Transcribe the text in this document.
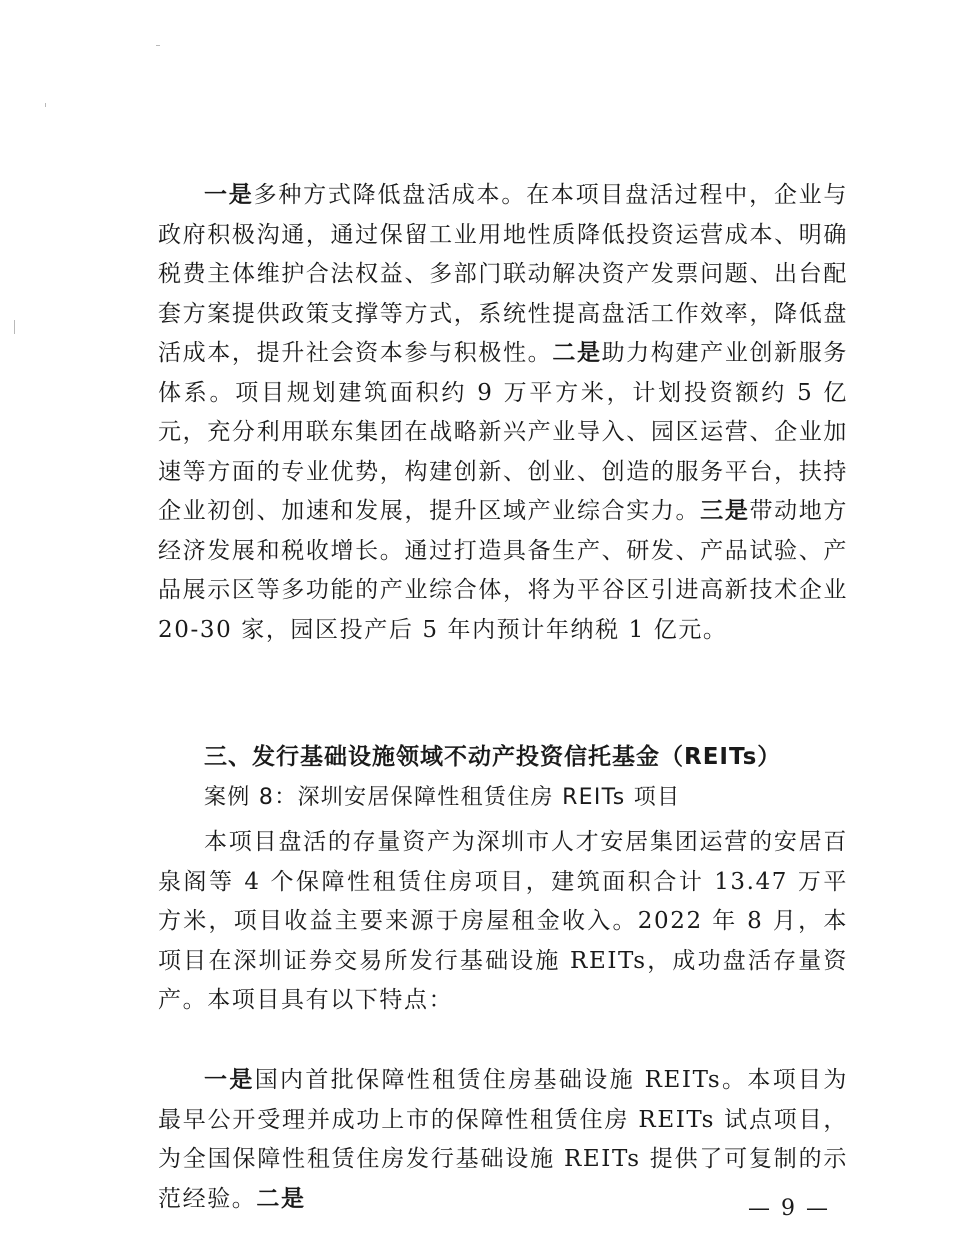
一是多种方式降低盘活成本。在本项目盘活过程中，企业与政府积极沟通，通过保留工业用地性质降低投资运营成本、明确税费主体维护合法权益、多部门联动解决资产发票问题、出台配套方案提供政策支撑等方式，系统性提高盘活工作效率，降低盘活成本，提升社会资本参与积极性。二是助力构建产业创新服务体系。项目规划建筑面积约 9 万平方米，计划投资额约 5 亿元，充分利用联东集团在战略新兴产业导入、园区运营、企业加速等方面的专业优势，构建创新、创业、创造的服务平台，扶持企业初创、加速和发展，提升区域产业综合实力。三是带动地方经济发展和税收增长。通过打造具备生产、研发、产品试验、产品展示区等多功能的产业综合体，将为平谷区引进高新技术企业 20-30 家，园区投产后 5 年内预计年纳税 1 亿元。
三、发行基础设施领域不动产投资信托基金（REITs）
案例 8：深圳安居保障性租赁住房 REITs 项目
本项目盘活的存量资产为深圳市人才安居集团运营的安居百泉阁等 4 个保障性租赁住房项目，建筑面积合计 13.47 万平方米，项目收益主要来源于房屋租金收入。2022 年 8 月，本项目在深圳证券交易所发行基础设施 REITs，成功盘活存量资产。本项目具有以下特点：
一是国内首批保障性租赁住房基础设施 REITs。本项目为最早公开受理并成功上市的保障性租赁住房 REITs 试点项目，为全国保障性租赁住房发行基础设施 REITs 提供了可复制的示范经验。二是	— 9 —
